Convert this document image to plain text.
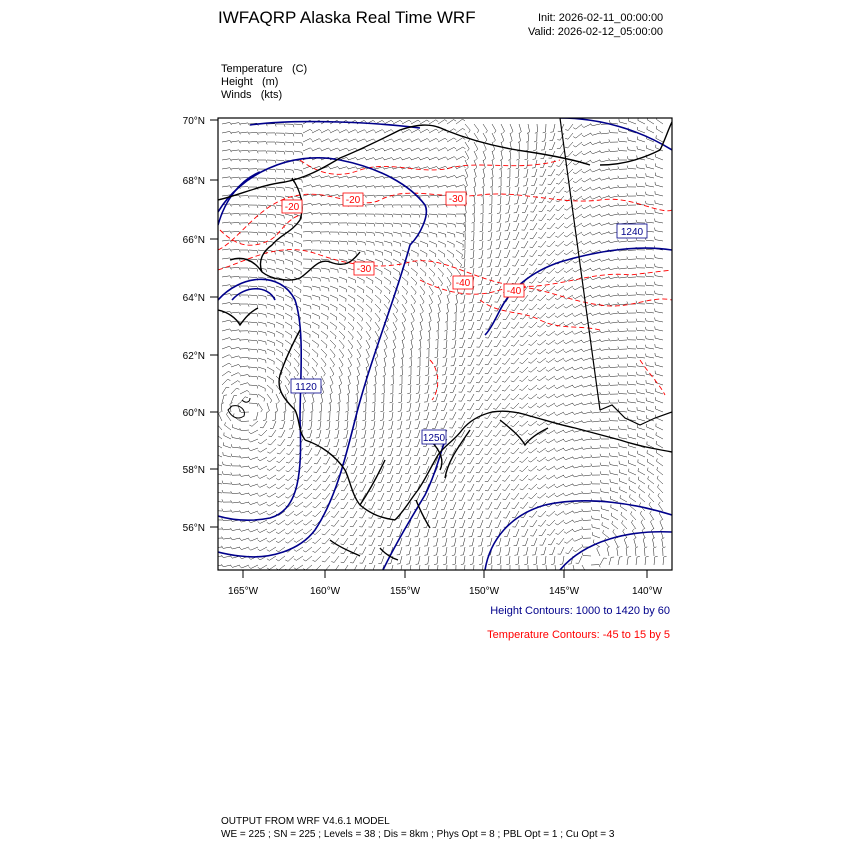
IWFAQRP Alaska Real Time WRF	Init: 2026-02-11_00:00:00
Valid: 2026-02-12_05:00:00
Temperature (C)
Height (m)
Winds (kts)
1120
1240
1250
-20
-20	-30
-30
-40
-40
70°N
68°N
66°N
64°N
62°N
60°N
58°N
56°N
165°W	160°W	155°W	150°W	145°W	140°W
Height Contours: 1000 to 1420 by 60
Temperature Contours: -45 to 15 by 5
OUTPUT FROM WRF V4.6.1 MODEL
WE = 225 ; SN = 225 ; Levels = 38 ; Dis = 8km ; Phys Opt = 8 ; PBL Opt = 1 ; Cu Opt = 3
